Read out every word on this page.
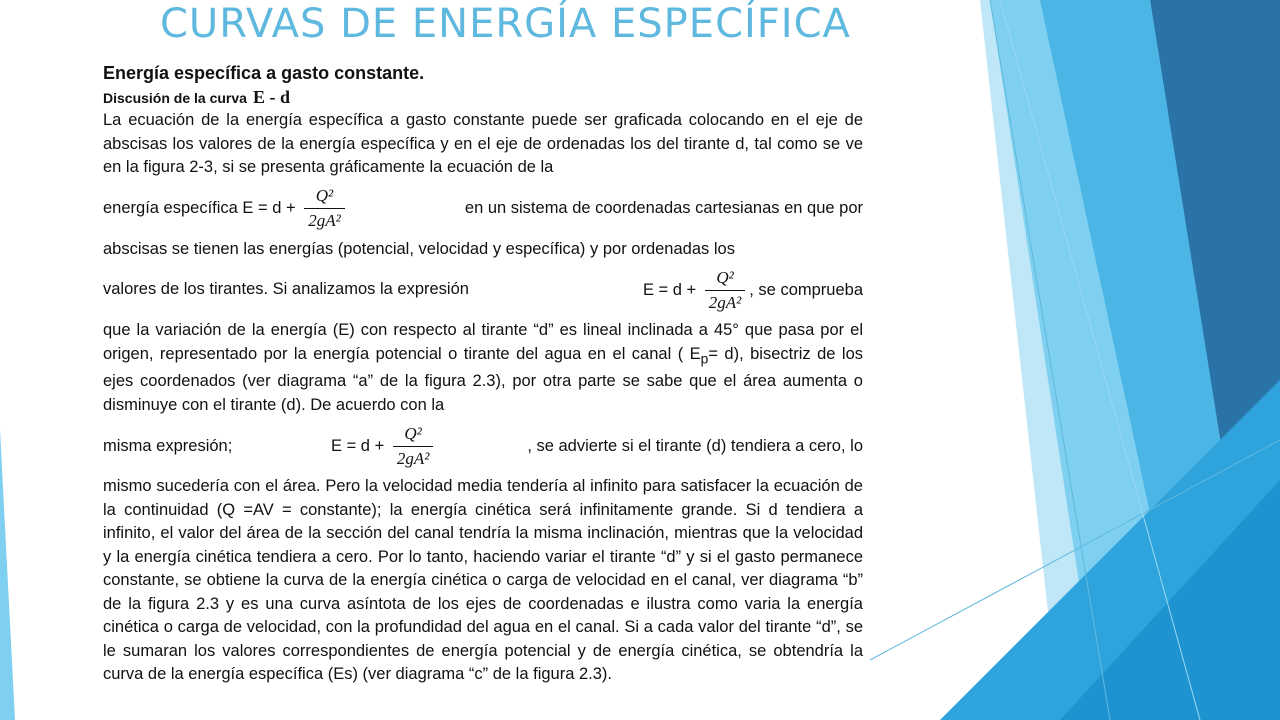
CURVAS DE ENERGÍA ESPECÍFICA
Energía específica a gasto constante.
Discusión de la curva E - d
La ecuación de la energía específica a gasto constante puede ser graficada colocando en el eje de abscisas los valores de la energía específica y en el eje de ordenadas los del tirante d, tal como se ve en la figura 2-3, si se presenta gráficamente la ecuación de la
energía específica $E = d + \frac{\text{Q²}}{\text{2gA²}}$	en un sistema de coordenadas cartesianas en que por
abscisas se tienen las energías (potencial, velocidad y específica) y por ordenadas los
valores de los tirantes. Si analizamos la expresión	$E = d + \frac{\text{Q²}}{\text{2gA²}}$ , se comprueba
que la variación de la energía (E) con respecto al tirante “d” es lineal inclinada a 45° que pasa por el origen, representado por la energía potencial o tirante del agua en el canal ( $E_p= d$), bisectriz de los ejes coordenados (ver diagrama “a” de la figura 2.3), por otra parte se sabe que el área aumenta o disminuye con el tirante (d). De acuerdo con la
misma expresión;	$E = d + \frac{\text{Q²}}{\text{2gA²}}$	, se advierte si el tirante (d) tendiera a cero, lo
mismo sucedería con el área. Pero la velocidad media tendería al infinito para satisfacer la ecuación de la continuidad (Q =AV = constante); la energía cinética será infinitamente grande. Si d tendiera a infinito, el valor del área de la sección del canal tendría la misma inclinación, mientras que la velocidad y la energía cinética tendiera a cero. Por lo tanto, haciendo variar el tirante “d” y si el gasto permanece constante, se obtiene la curva de la energía cinética o carga de velocidad en el canal, ver diagrama “b” de la figura 2.3 y es una curva asíntota de los ejes de coordenadas e ilustra como varia la energía cinética o carga de velocidad, con la profundidad del agua en el canal. Si a cada valor del tirante “d”, se le sumaran los valores correspondientes de energía potencial y de energía cinética, se obtendría la curva de la energía específica (Es) (ver diagrama “c” de la figura 2.3).
